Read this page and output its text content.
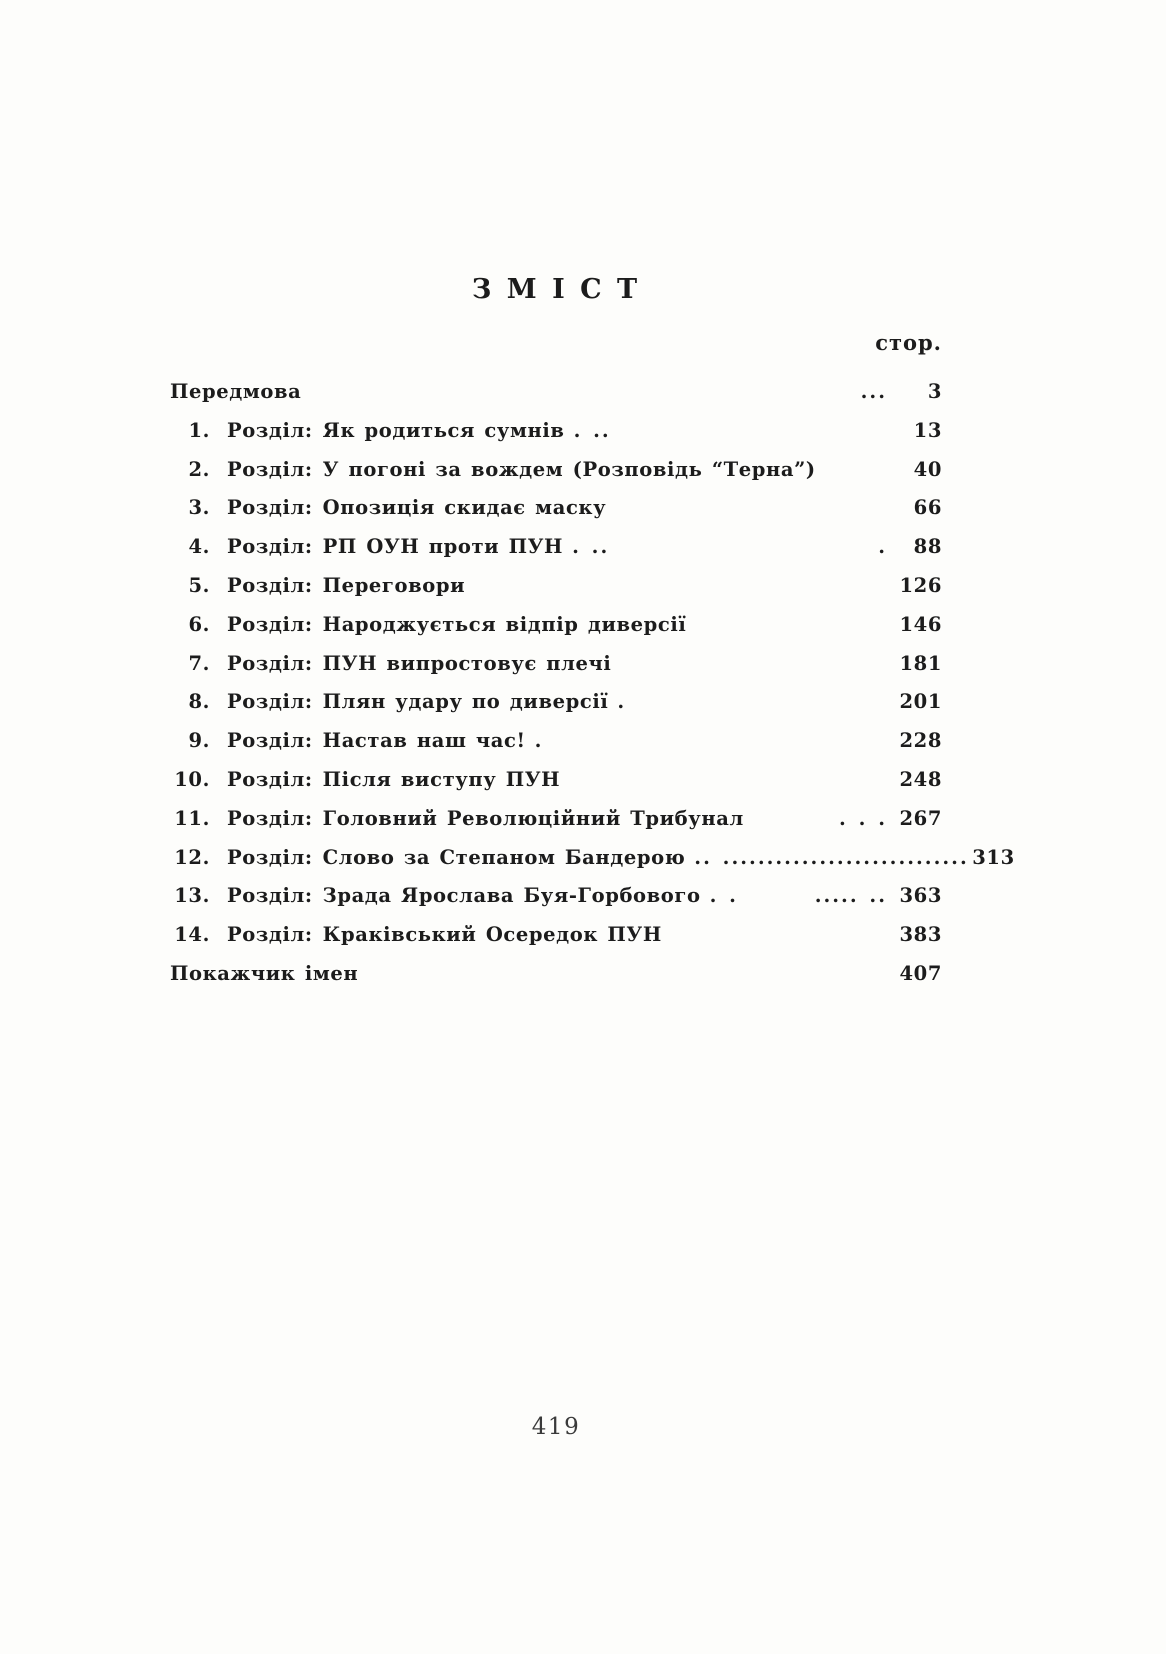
З М І С Т
стор.
Передмова	...	3
1. Розділ: Як родиться сумнів . ..	13
2. Розділ: У погоні за вождем (Розповідь “Терна”)	40
3. Розділ: Опозиція скидає маску	66
4. Розділ: РП ОУН проти ПУН . ..	.	88
5. Розділ: Переговори	126
6. Розділ: Народжується відпір диверсії	146
7. Розділ: ПУН випростовує плечі	181
8. Розділ: Плян удару по диверсії .	201
9. Розділ: Настав наш час! .	228
10. Розділ: Після виступу ПУН	248
11. Розділ: Головний Революційний Трибунал	. . . 267
12. Розділ: Слово за Степаном Бандерою .. ............................ 313
13. Розділ: Зрада Ярослава Буя-Горбового . .	..... .. 363
14. Розділ: Краківський Осередок ПУН	383
Покажчик імен	407
419
